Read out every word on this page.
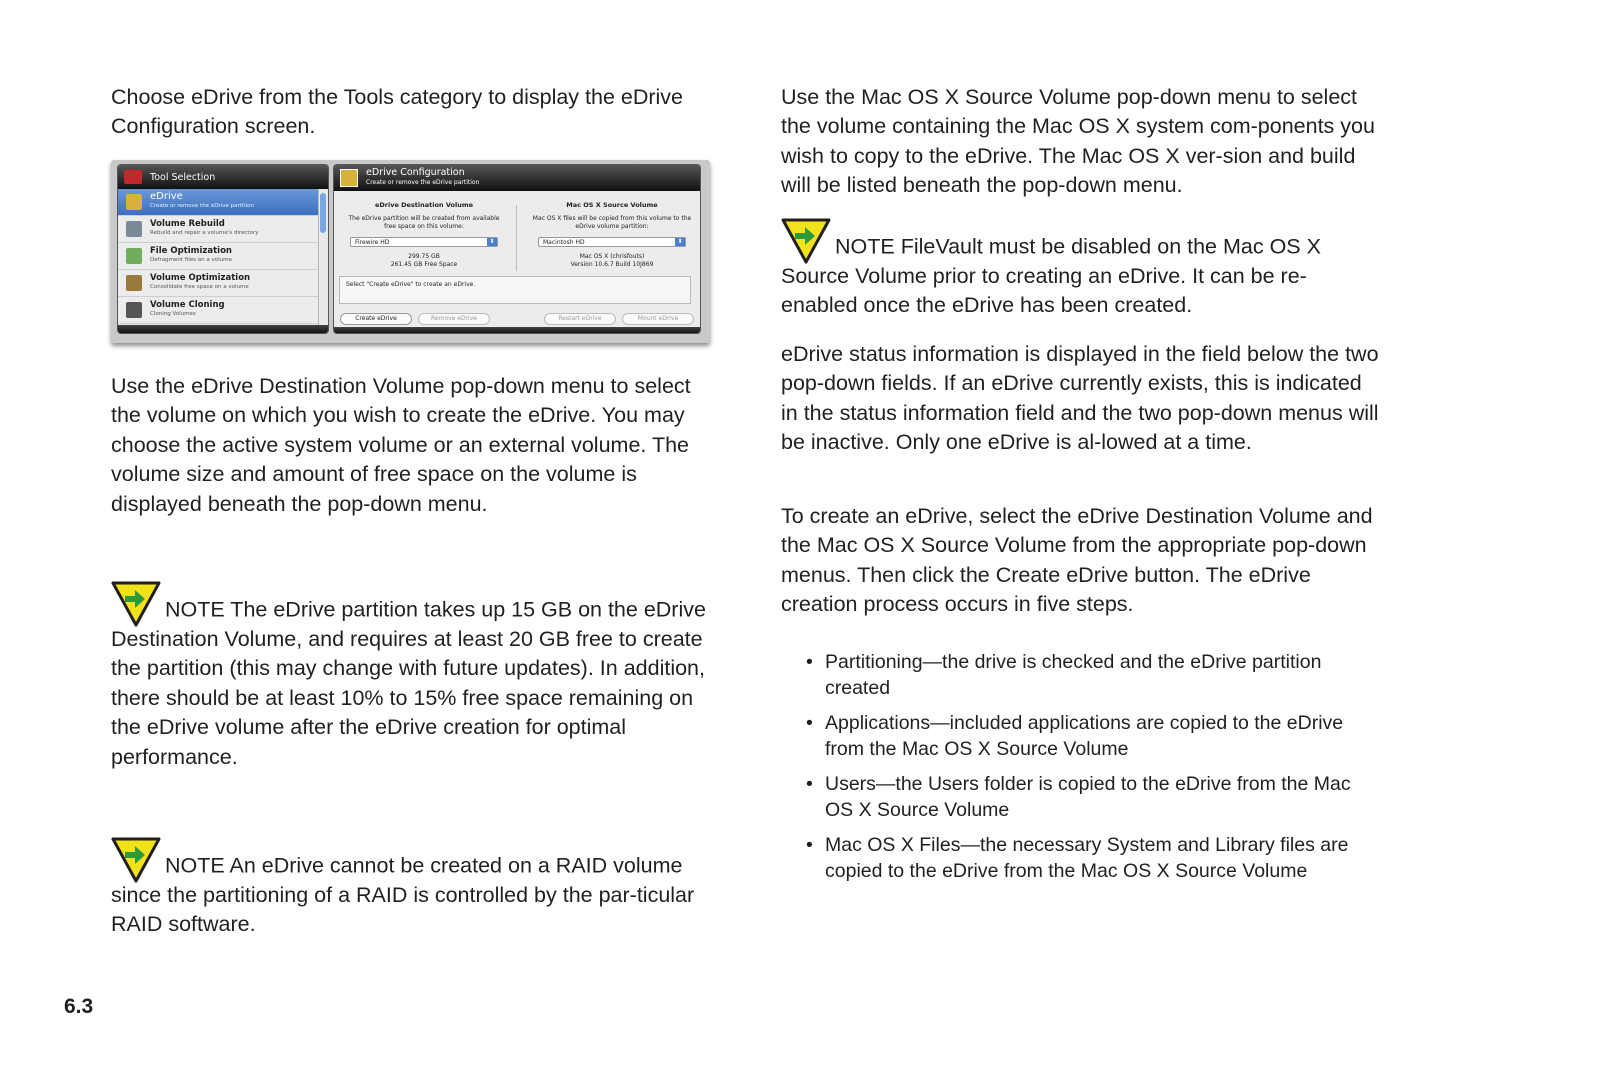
Choose eDrive from the Tools category to display the eDrive Configuration screen.

Tool Selection
eDrive
Create or remove the eDrive partition
Volume Rebuild
Rebuild and repair a volume's directory
File Optimization
Defragment files on a volume
Volume Optimization
Consolidate free space on a volume
Volume Cloning
Cloning Volumes
eDrive Configuration
Create or remove the eDrive partition
eDrive Destination Volume
The eDrive partition will be created from available free space on this volume:
Firewire HD	⬍
299.75 GB
261.45 GB Free Space
Mac OS X Source Volume
Mac OS X files will be copied from this volume to the eDrive volume partition:
Macintosh HD	⬍
Mac OS X (chrisfouts)
Version 10.6.7 Build 10J869
Select "Create eDrive" to create an eDrive.
Create eDrive	Remove eDrive	Restart eDrive	Mount eDrive

Use the eDrive Destination Volume pop-down menu to select the volume on which you wish to create the eDrive. You may choose the active system volume or an external volume. The volume size and amount of free space on the volume is displayed beneath the pop-down menu.

NOTE The eDrive partition takes up 15 GB on the eDrive Destination Volume, and requires at least 20 GB free to create the partition (this may change with future updates). In addition, there should be at least 10% to 15% free space remaining on the eDrive volume after the eDrive creation for optimal performance.

NOTE An eDrive cannot be created on a RAID volume since the partitioning of a RAID is controlled by the par-ticular RAID software.

Use the Mac OS X Source Volume pop-down menu to select the volume containing the Mac OS X system com-ponents you wish to copy to the eDrive. The Mac OS X ver-sion and build will be listed beneath the pop-down menu.

NOTE FileVault must be disabled on the Mac OS X Source Volume prior to creating an eDrive. It can be re-enabled once the eDrive has been created.

eDrive status information is displayed in the field below the two pop-down fields. If an eDrive currently exists, this is indicated in the status information field and the two pop-down menus will be inactive. Only one eDrive is al-lowed at a time.

To create an eDrive, select the eDrive Destination Volume and the Mac OS X Source Volume from the appropriate pop-down menus. Then click the Create eDrive button. The eDrive creation process occurs in five steps.

• Partitioning—the drive is checked and the eDrive partition created
• Applications—included applications are copied to the eDrive from the Mac OS X Source Volume
• Users—the Users folder is copied to the eDrive from the Mac OS X Source Volume
• Mac OS X Files—the necessary System and Library files are copied to the eDrive from the Mac OS X Source Volume
6.3
